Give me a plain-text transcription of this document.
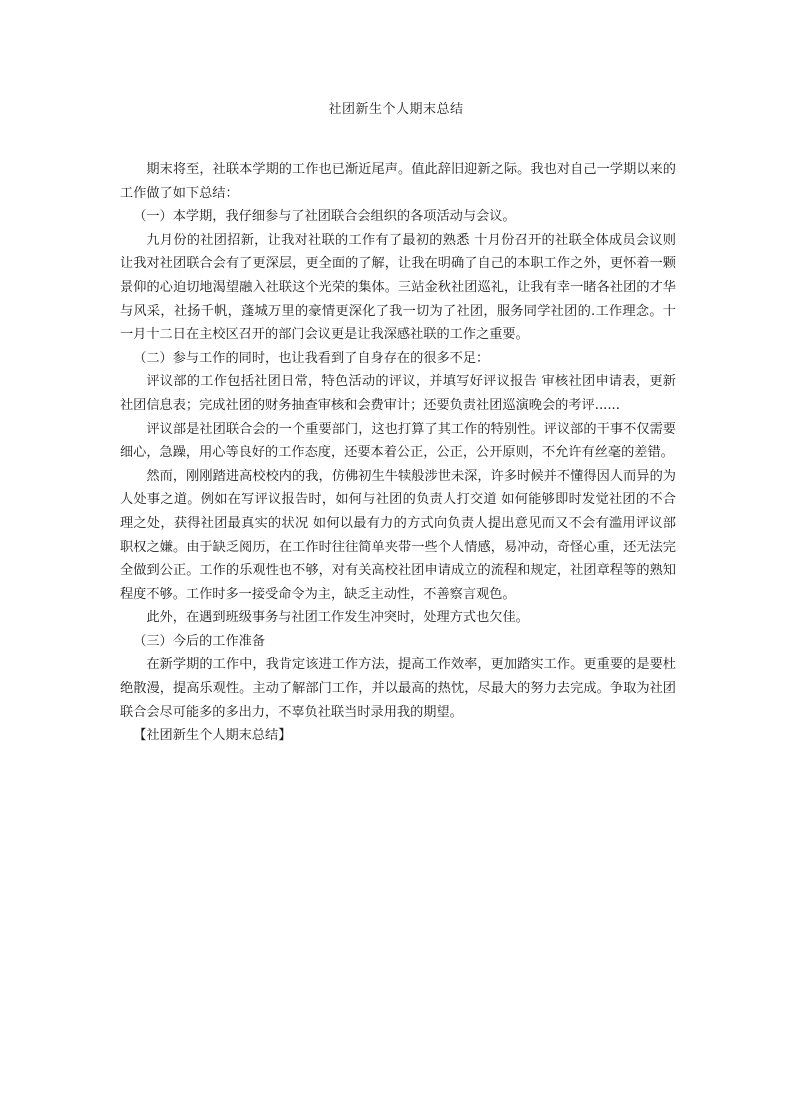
社团新生个人期末总结

期末将至，社联本学期的工作也已渐近尾声。值此辞旧迎新之际。我也对自己一学期以来的工作做了如下总结：

（一）本学期，我仔细参与了社团联合会组织的各项活动与会议。

九月份的社团招新，让我对社联的工作有了最初的熟悉 十月份召开的社联全体成员会议则让我对社团联合会有了更深层，更全面的了解，让我在明确了自己的本职工作之外，更怀着一颗景仰的心迫切地渴望融入社联这个光荣的集体。三站金秋社团巡礼，让我有幸一睹各社团的才华与风采，社扬千帆，蓬城万里的豪情更深化了我一切为了社团，服务同学社团的.工作理念。十一月十二日在主校区召开的部门会议更是让我深感社联的工作之重要。

（二）参与工作的同时，也让我看到了自身存在的很多不足：

评议部的工作包括社团日常，特色活动的评议，并填写好评议报告 审核社团申请表，更新社团信息表；完成社团的财务抽查审核和会费审计；还要负责社团巡演晚会的考评......

评议部是社团联合会的一个重要部门，这也打算了其工作的特别性。评议部的干事不仅需要细心，急躁，用心等良好的工作态度，还要本着公正，公正，公开原则，不允许有丝毫的差错。

然而，刚刚踏进高校校内的我，仿佛初生牛犊般涉世未深，许多时候并不懂得因人而异的为人处事之道。例如在写评议报告时，如何与社团的负责人打交道 如何能够即时发觉社团的不合理之处，获得社团最真实的状况 如何以最有力的方式向负责人提出意见而又不会有滥用评议部职权之嫌。由于缺乏阅历，在工作时往往简单夹带一些个人情感，易冲动，奇怪心重，还无法完全做到公正。工作的乐观性也不够，对有关高校社团申请成立的流程和规定，社团章程等的熟知程度不够。工作时多一接受命令为主，缺乏主动性，不善察言观色。

此外，在遇到班级事务与社团工作发生冲突时，处理方式也欠佳。

（三）今后的工作准备

在新学期的工作中，我肯定该进工作方法，提高工作效率，更加踏实工作。更重要的是要杜绝散漫，提高乐观性。主动了解部门工作，并以最高的热忱，尽最大的努力去完成。争取为社团联合会尽可能多的多出力，不辜负社联当时录用我的期望。

【社团新生个人期末总结】
